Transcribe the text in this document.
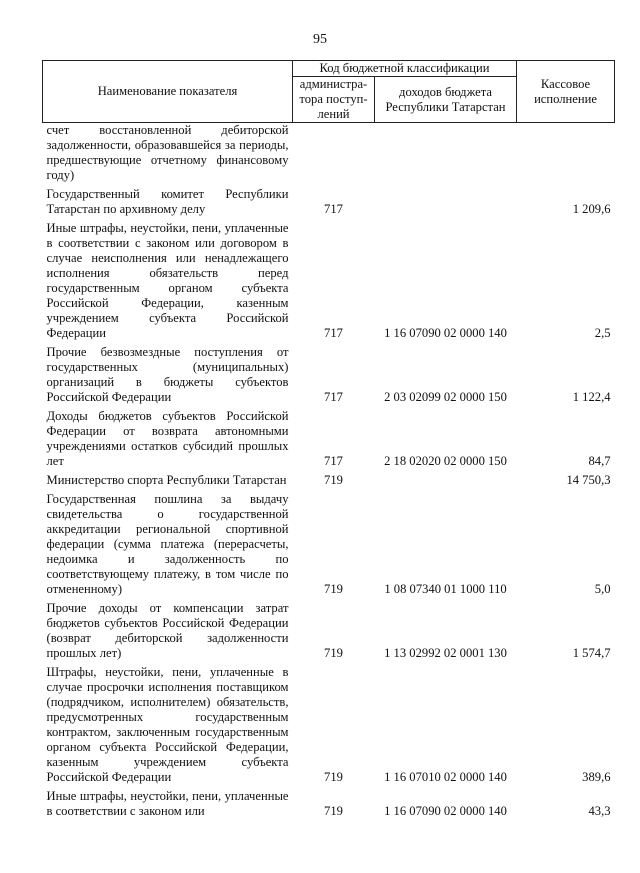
95
Наименование показателя	Код бюджетной классификации		Кассовое исполнение
	администра-тора поступ-лений	доходов бюджета Республики Татарстан	
счет восстановленной дебиторской задолженности, образовавшейся за периоды, предшествующие отчетному финансовому году)			
Государственный комитет Республики Татарстан по архивному делу	717		1 209,6
Иные штрафы, неустойки, пени, уплаченные в соответствии с законом или договором в случае неисполнения или ненадлежащего исполнения обязательств перед государственным органом субъекта Российской Федерации, казенным учреждением субъекта Российской Федерации	717	1 16 07090 02 0000 140	2,5
Прочие безвозмездные поступления от государственных (муниципальных) организаций в бюджеты субъектов Российской Федерации	717	2 03 02099 02 0000 150	1 122,4
Доходы бюджетов субъектов Российской Федерации от возврата автономными учреждениями остатков субсидий прошлых лет	717	2 18 02020 02 0000 150	84,7
Министерство спорта Республики Татарстан	719		14 750,3
Государственная пошлина за выдачу свидетельства о государственной аккредитации региональной спортивной федерации (сумма платежа (перерасчеты, недоимка и задолженность по соответствующему платежу, в том числе по отмененному)	719	1 08 07340 01 1000 110	5,0
Прочие доходы от компенсации затрат бюджетов субъектов Российской Федерации (возврат дебиторской задолженности прошлых лет)	719	1 13 02992 02 0001 130	1 574,7
Штрафы, неустойки, пени, уплаченные в случае просрочки исполнения поставщиком (подрядчиком, исполнителем) обязательств, предусмотренных государственным контрактом, заключенным государственным органом субъекта Российской Федерации, казенным учреждением субъекта Российской Федерации	719	1 16 07010 02 0000 140	389,6
Иные штрафы, неустойки, пени, уплаченные в соответствии с законом или	719	1 16 07090 02 0000 140	43,3
